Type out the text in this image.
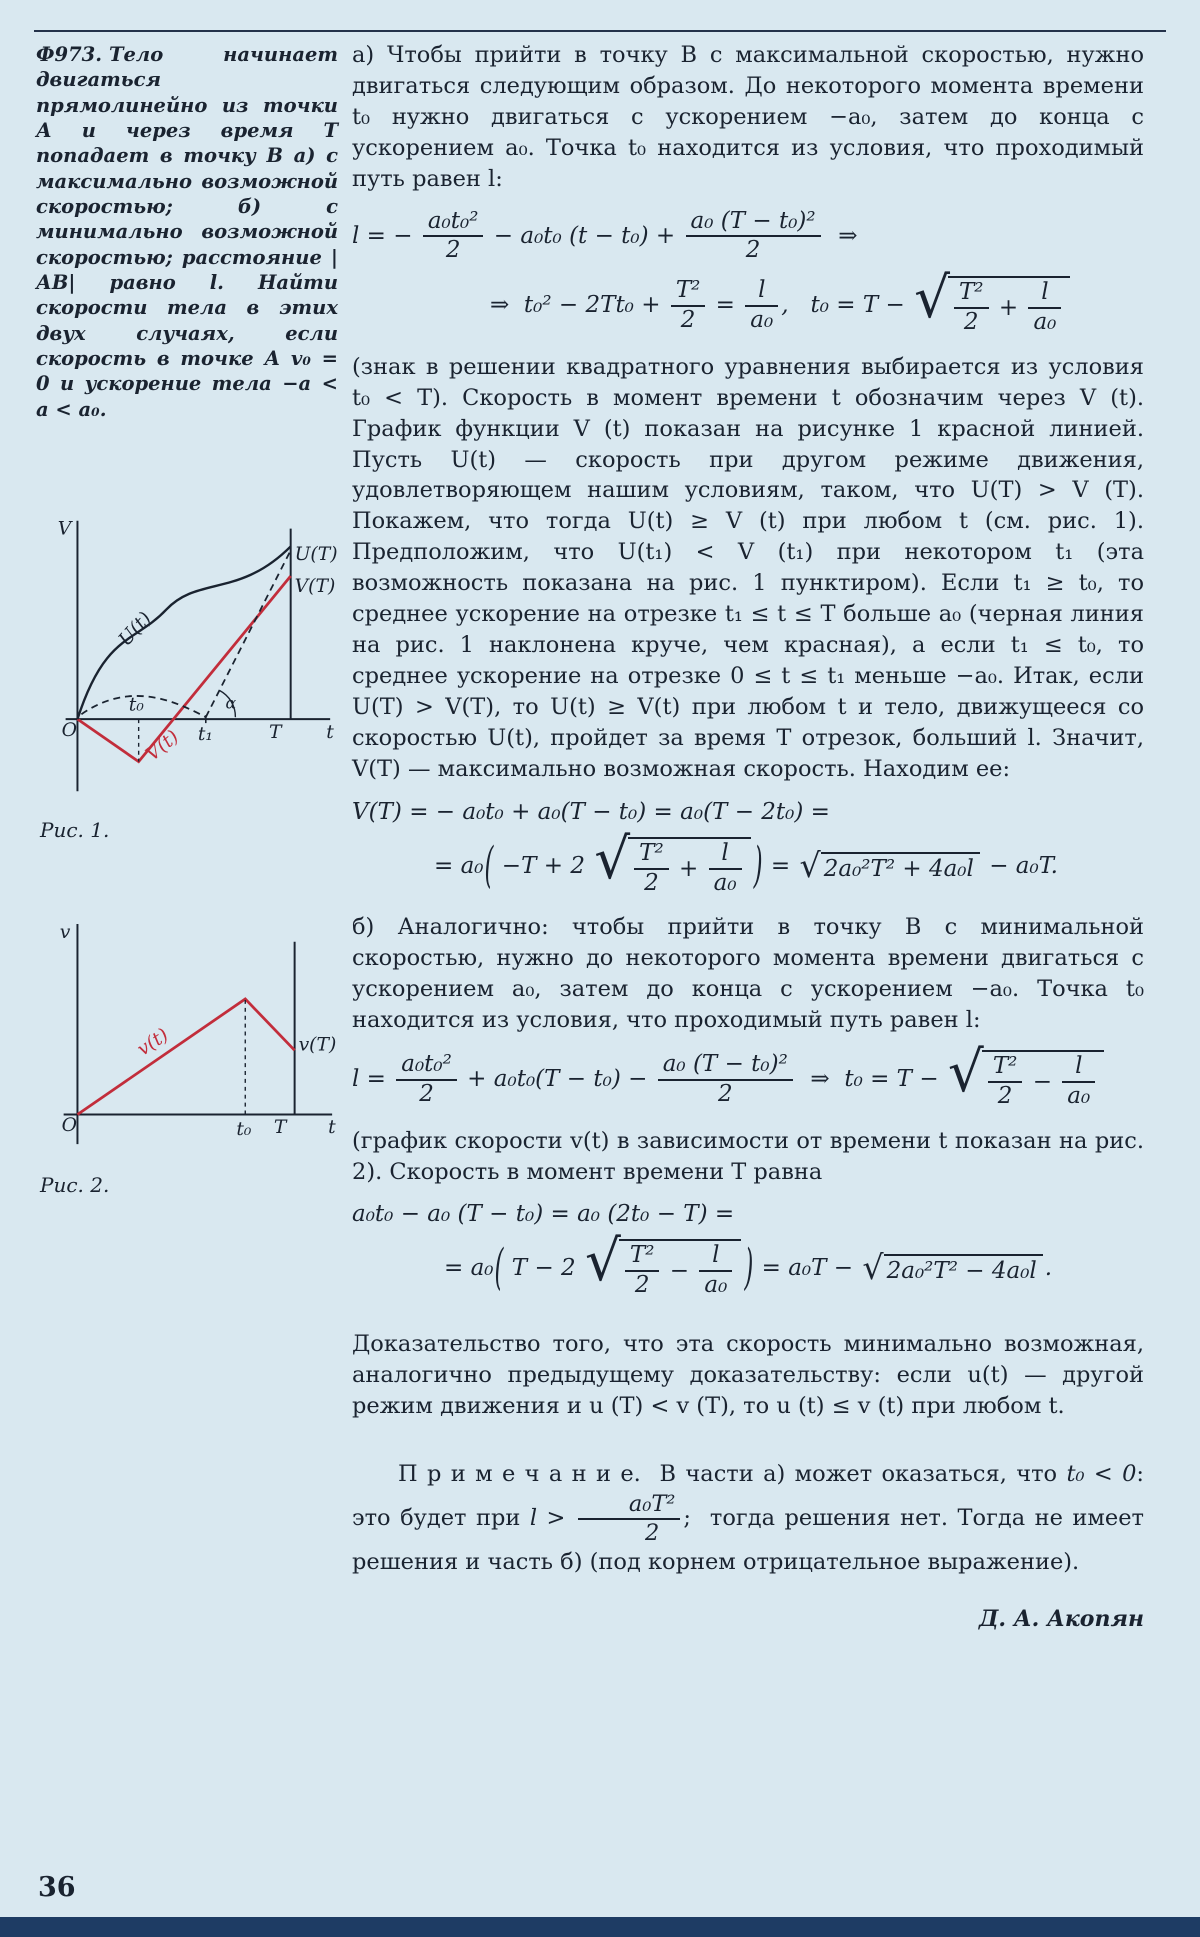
Ф973. Тело начинает двигаться прямолинейно из точки А и через время Т попадает в точку В а) с максимально возможной скоростью; б) с минимально возможной скоростью; расстояние |АВ| равно l. Найти скорости тела в этих двух случаях, если скорость в точке А v₀ = 0 и ускорение тела −a < a < a₀.

V
t
O
t₀
t₁	T
U(T)
V(T)
U(t)
V(t)
α
Рис. 1.
v
t
O	t₀ T
v(T)
v(t)
Рис. 2.

а) Чтобы прийти в точку В с максимальной скоростью, нужно двигаться следующим образом. До некоторого момента времени t₀ нужно двигаться с ускорением −a₀, затем до конца с ускорением a₀. Точка t₀ находится из условия, что проходимый путь равен l:

l = − $\frac{\text{a₀t₀²}}{2} - a_0t_0$ $(t - t_0) + \frac{\text{a₀ (T − t₀)²}}{2}$ ⇒
⇒  $t_0^2 - 2Tt_0 + \frac{\text{T²}}{2} = \frac{l}{\text{a₀}}$ ,   t₀ = T − √ T²
2
+ $\frac{l}{\text{a₀}}$

(знак в решении квадратного уравнения выбирается из условия t₀ < T). Скорость в момент времени t обозначим через V (t). График функции V (t) показан на рисунке 1 красной линией. Пусть U(t) — скорость при другом режиме движения, удовлетворяющем нашим условиям, таком, что U(T) > V (T). Покажем, что тогда U(t) ≥ V (t) при любом t (см. рис. 1). Предположим, что U(t₁) < V (t₁) при некотором t₁ (эта возможность показана на рис. 1 пунктиром). Если t₁ ≥ t₀, то среднее ускорение на отрезке t₁ ≤ t ≤ T больше a₀ (черная линия на рис. 1 наклонена круче, чем красная), а если t₁ ≤ t₀, то среднее ускорение на отрезке 0 ≤ t ≤ t₁ меньше −a₀. Итак, если U(T) > V(T), то U(t) ≥ V(t) при любом t и тело, движущееся со скоростью U(t), пройдет за время T отрезок, больший l. Значит, V(T) — максимально возможная скорость. Находим ее:

V(T) = − a₀t₀ + a₀(T − t₀) = a₀(T − 2t₀) =
= a₀( −T + 2 √ T²
2
+ $\frac{l}{\text{a₀}}$ ) = √ 2a₀²T² + 4a₀l − a₀T.

б) Аналогично: чтобы прийти в точку В с минимальной скоростью, нужно до некоторого момента времени двигаться с ускорением a₀, затем до конца с ускорением −a₀. Точка t₀ находится из условия, что проходимый путь равен l:

$l = \frac{\text{a₀t₀²}}{2} + a_0t_0(T - t_0) - \frac{\text{a₀ (T − t₀)²}}{2}$ ⇒  t₀ = T − √ T²
2
− $\frac{l}{\text{a₀}}$

(график скорости v(t) в зависимости от времени t показан на рис. 2). Скорость в момент времени T равна

a₀t₀ − a₀ (T − t₀) = a₀ (2t₀ − T) =
= a₀( T − 2 √ T²
2
− $\frac{l}{\text{a₀}}$ ) = a₀T − √ 2a₀²T² − 4a₀l .

Доказательство того, что эта скорость минимально возможная, аналогично предыдущему доказательству: если u(t) — другой режим движения и u (T) < v (T), то u (t) ≤ v (t) при любом t.

П р и м е ч а н и е.  В части а) может оказаться, что t₀ < 0: это будет при $l > \frac{\text{a₀T²}}{2}$ ;  тогда решения нет. Тогда не имеет решения и часть б) (под корнем отрицательное выражение).

Д. А. Акопян

36
